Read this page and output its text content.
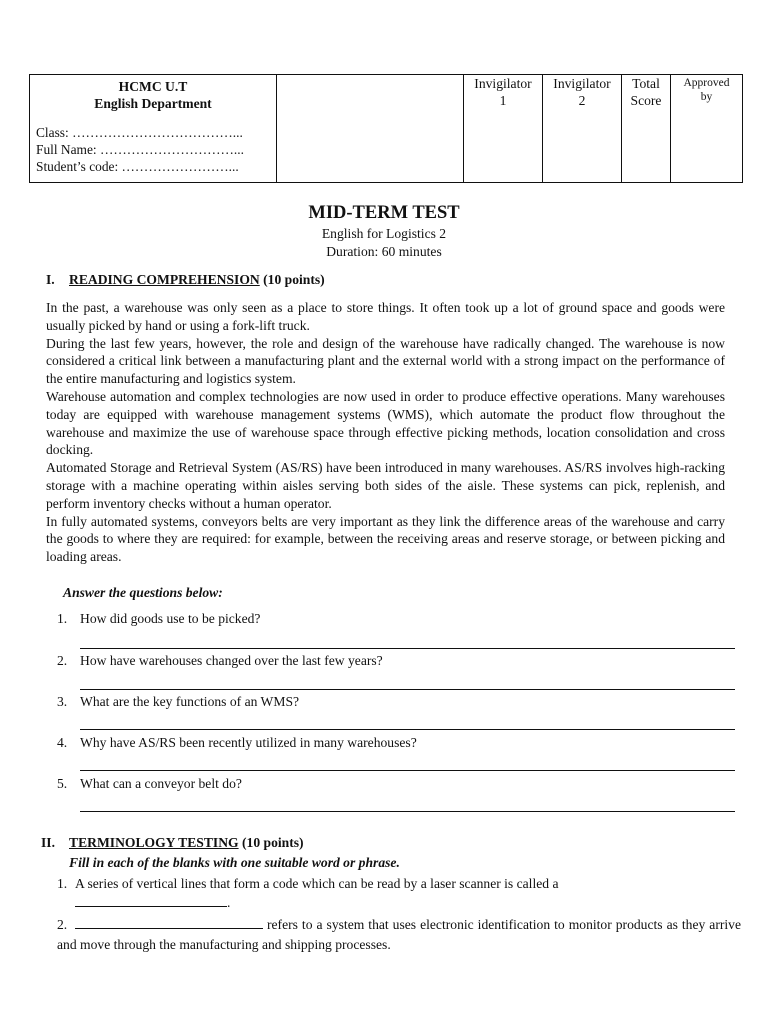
HCMC U.T
English Department
Class: ………………………………...
Full Name: …………………………...
Student’s code: ……………………...

Invigilator
1

Invigilator
2

Total
Score

Approved
by
MID-TERM TEST
English for Logistics 2
Duration: 60 minutes
I. READING COMPREHENSION (10 points)

In the past, a warehouse was only seen as a place to store things. It often took up a lot of ground space and goods were usually picked by hand or using a fork-lift truck.

During the last few years, however, the role and design of the warehouse have radically changed. The warehouse is now considered a critical link between a manufacturing plant and the external world with a strong impact on the performance of the entire manufacturing and logistics system.

Warehouse automation and complex technologies are now used in order to produce effective operations. Many warehouses today are equipped with warehouse management systems (WMS), which automate the product flow throughout the warehouse and maximize the use of warehouse space through effective picking methods, location consolidation and cross docking.

Automated Storage and Retrieval System (AS/RS) have been introduced in many warehouses. AS/RS involves high-racking storage with a machine operating within aisles serving both sides of the aisle. These systems can pick, replenish, and perform inventory checks without a human operator.

In fully automated systems, conveyors belts are very important as they link the difference areas of the warehouse and carry the goods to where they are required: for example, between the receiving areas and reserve storage, or between picking and loading areas.

Answer the questions below:
1. How did goods use to be picked?
2. How have warehouses changed over the last few years?
3. What are the key functions of an WMS?
4. Why have AS/RS been recently utilized in many warehouses?
5. What can a conveyor belt do?
II. TERMINOLOGY TESTING (10 points)
Fill in each of the blanks with one suitable word or phrase.
1. A series of vertical lines that form a code which can be read by a laser scanner is called a
.
2.	refers to a system that uses electronic identification to monitor products as they arrive and move through the manufacturing and shipping processes.
